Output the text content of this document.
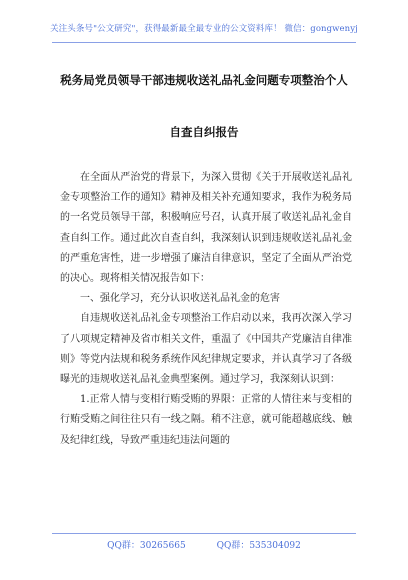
关注头条号"公文研究"，获得最新最全最专业的公文资料库！ 微信：gongwenyj
税务局党员领导干部违规收送礼品礼金问题专项整治个人
自查自纠报告

在全面从严治党的背景下，为深入贯彻《关于开展收送礼品礼金专项整治工作的通知》精神及相关补充通知要求，我作为税务局的一名党员领导干部，积极响应号召，认真开展了收送礼品礼金自查自纠工作。通过此次自查自纠，我深刻认识到违规收送礼品礼金的严重危害性，进一步增强了廉洁自律意识，坚定了全面从严治党的决心。现将相关情况报告如下：

一、强化学习，充分认识收送礼品礼金的危害

自违规收送礼品礼金专项整治工作启动以来，我再次深入学习了八项规定精神及省市相关文件，重温了《中国共产党廉洁自律准则》等党内法规和税务系统作风纪律规定要求，并认真学习了各级曝光的违规收送礼品礼金典型案例。通过学习，我深刻认识到：

1.正常人情与变相行贿受贿的界限：正常的人情往来与变相的行贿受贿之间往往只有一线之隔。稍不注意，就可能超越底线、触及纪律红线，导致严重违纪违法问题的

QQ群：30265665	QQ群：535304092
